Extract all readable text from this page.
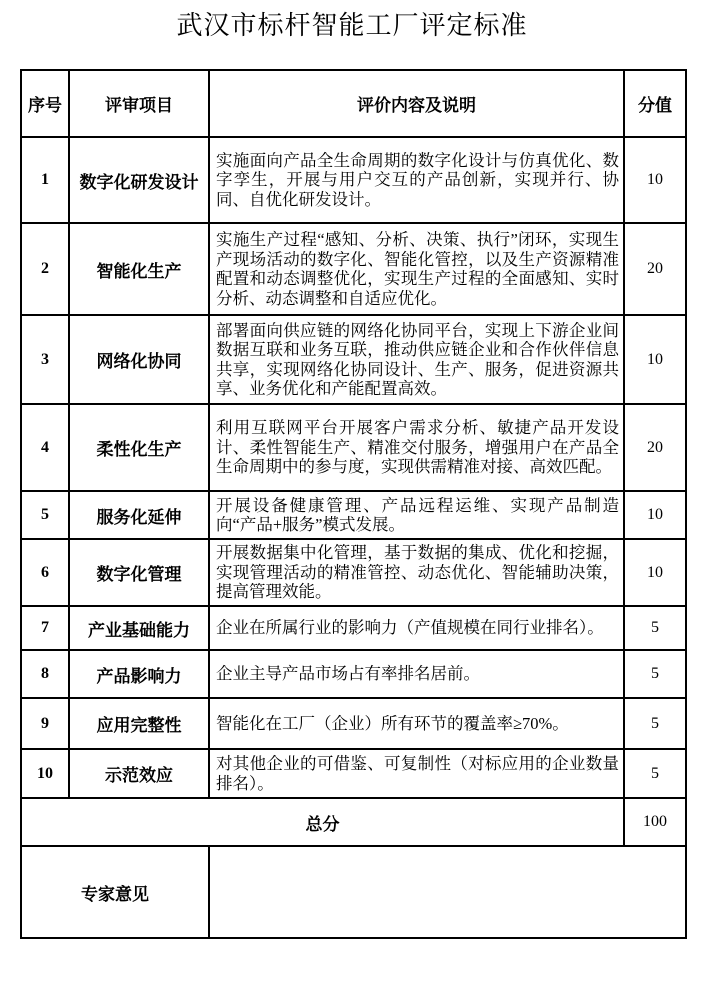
武汉市标杆智能工厂评定标准
序号	评审项目	评价内容及说明	分值
1	数字化研发设计	实施面向产品全生命周期的数字化设计与仿真优化、数字孪生，开展与用户交互的产品创新，实现并行、协同、自优化研发设计。	10
2	智能化生产	实施生产过程“感知、分析、决策、执行”闭环，实现生产现场活动的数字化、智能化管控，以及生产资源精准配置和动态调整优化，实现生产过程的全面感知、实时分析、动态调整和自适应优化。	20
3	网络化协同	部署面向供应链的网络化协同平台，实现上下游企业间数据互联和业务互联，推动供应链企业和合作伙伴信息共享，实现网络化协同设计、生产、服务，促进资源共享、业务优化和产能配置高效。	10
4	柔性化生产	利用互联网平台开展客户需求分析、敏捷产品开发设计、柔性智能生产、精准交付服务，增强用户在产品全生命周期中的参与度，实现供需精准对接、高效匹配。	20
5	服务化延伸	开展设备健康管理、产品远程运维、实现产品制造向“产品+服务”模式发展。	10
6	数字化管理	开展数据集中化管理，基于数据的集成、优化和挖掘，实现管理活动的精准管控、动态优化、智能辅助决策，提高管理效能。	10
7	产业基础能力	企业在所属行业的影响力（产值规模在同行业排名）。	5
8	产品影响力	企业主导产品市场占有率排名居前。	5
9	应用完整性	智能化在工厂（企业）所有环节的覆盖率≥70%。	5
10	示范效应	对其他企业的可借鉴、可复制性（对标应用的企业数量排名）。	5
总分			100
专家意见			
